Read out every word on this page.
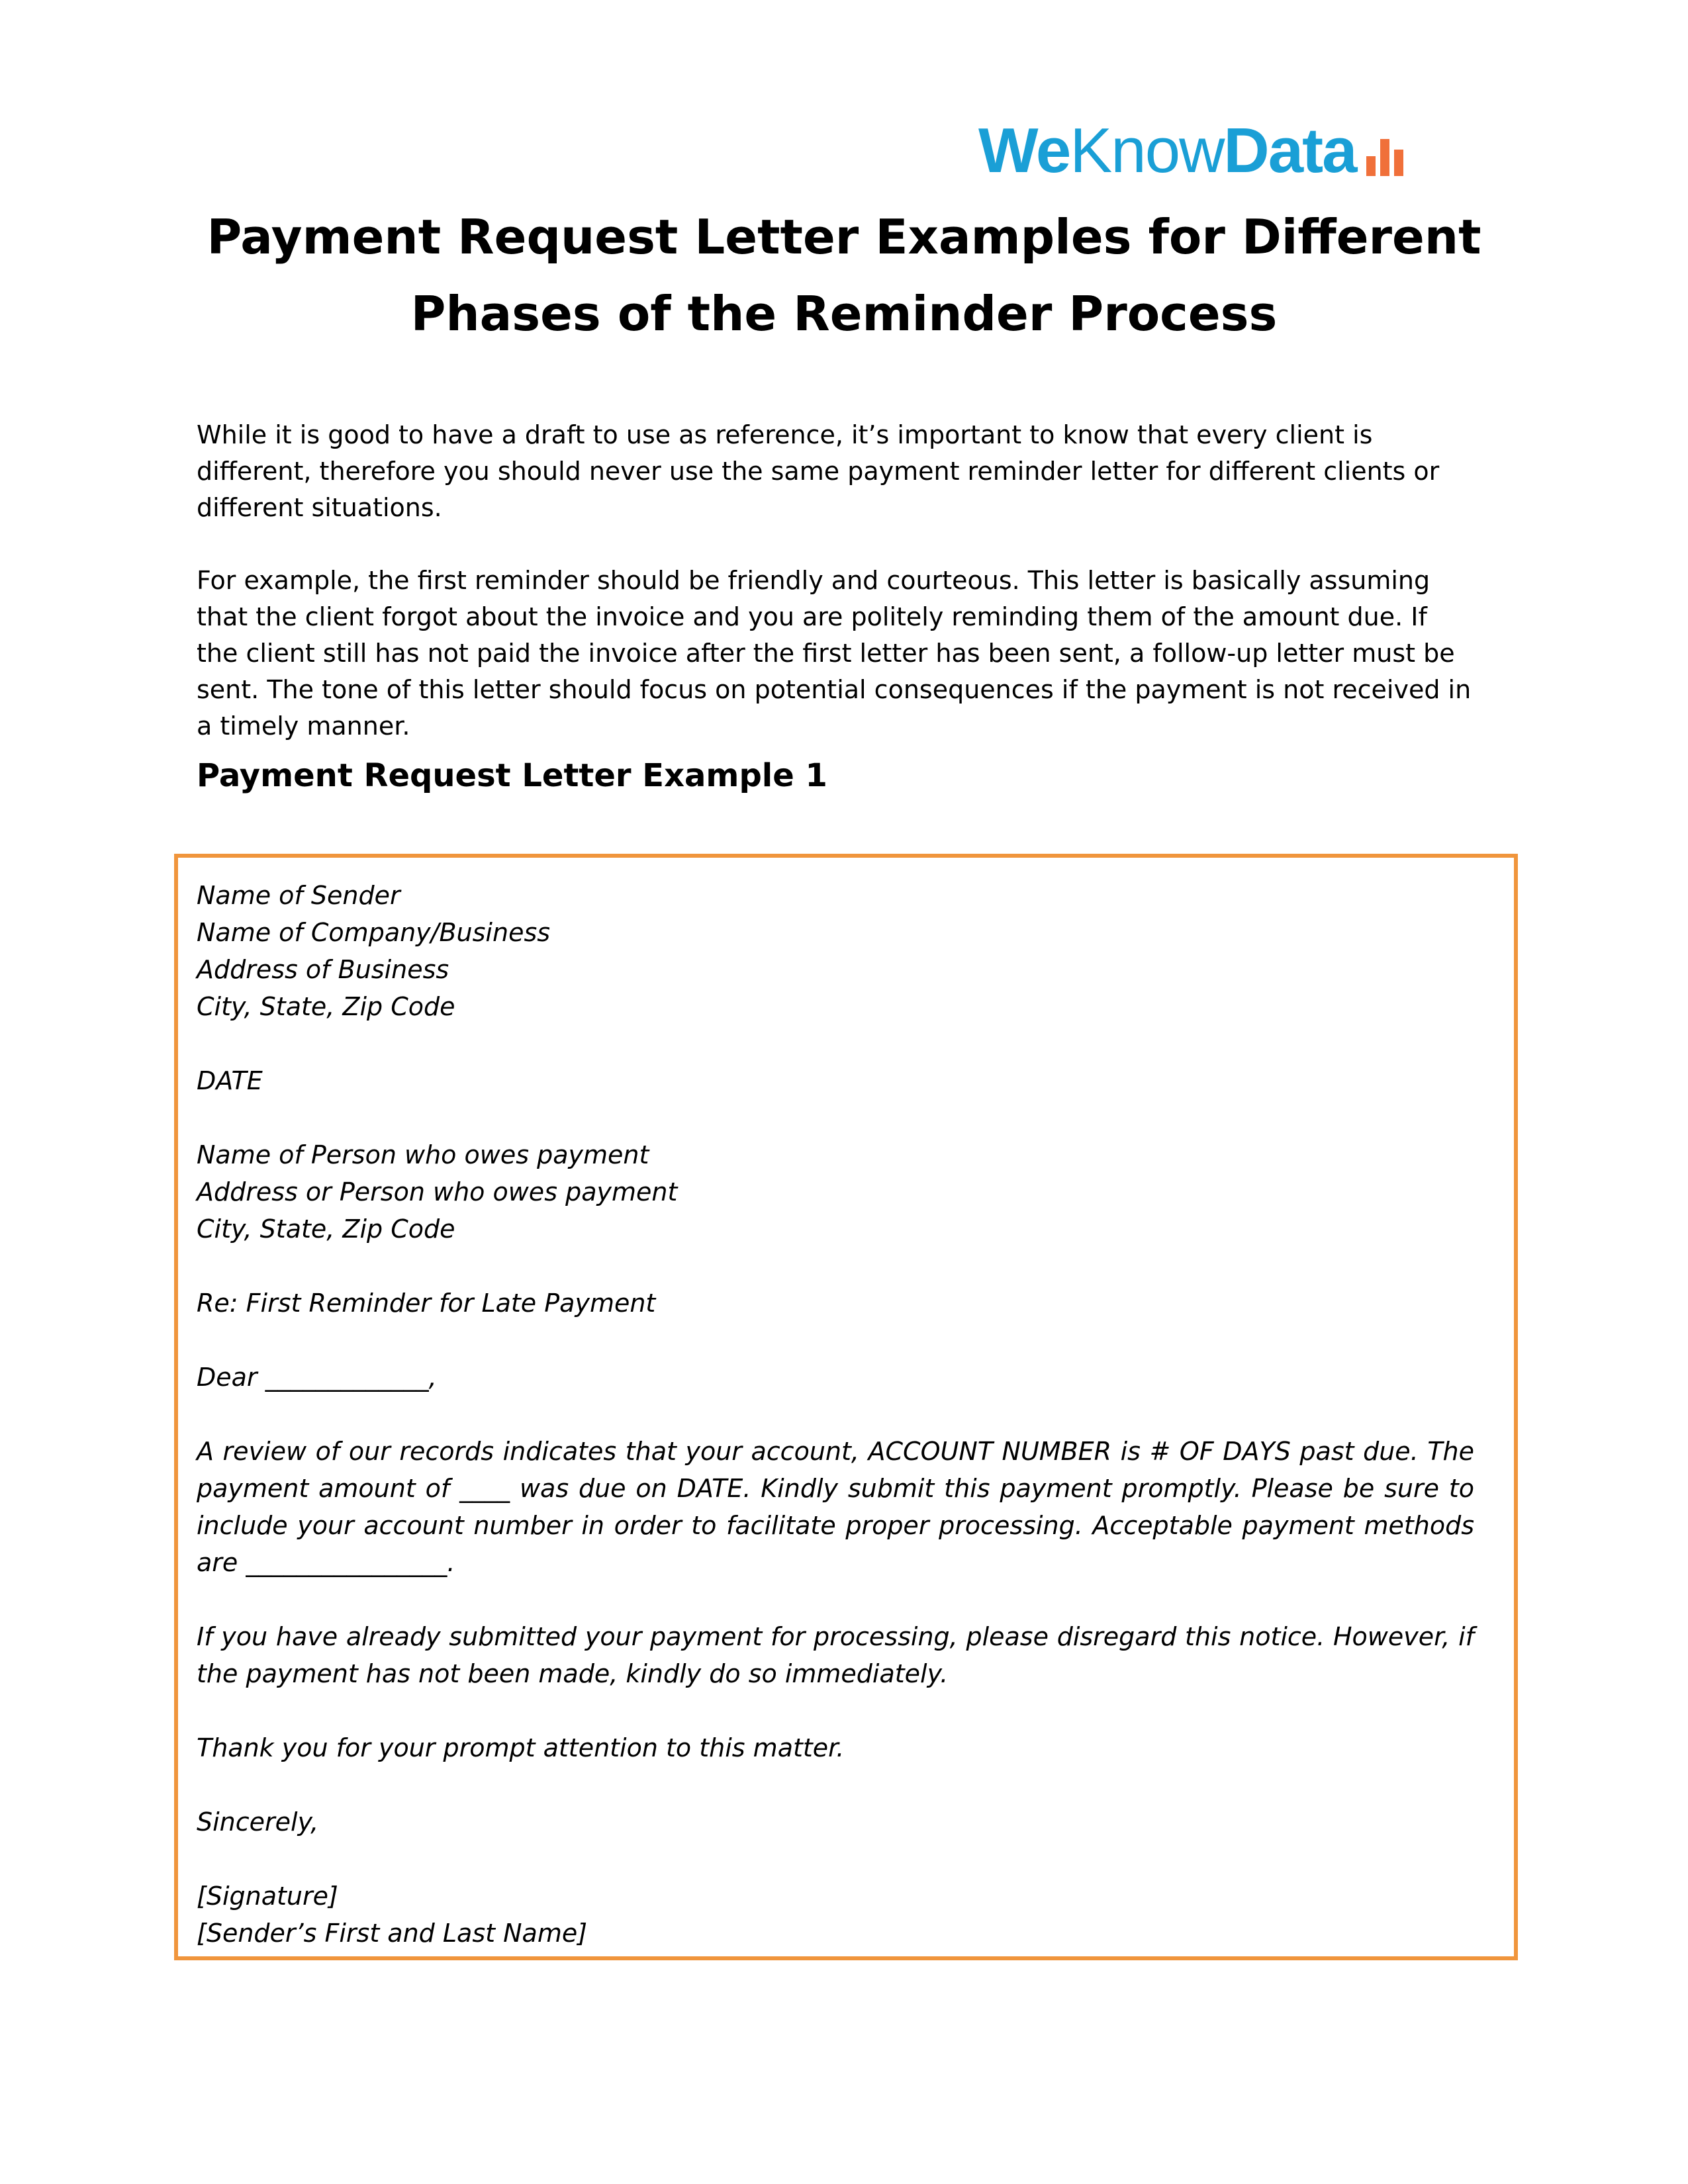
WeKnowData
Payment Request Letter Examples for Different
Phases of the Reminder Process

While it is good to have a draft to use as reference, it’s important to know that every client is different, therefore you should never use the same payment reminder letter for different clients or different situations.

For example, the first reminder should be friendly and courteous. This letter is basically assuming that the client forgot about the invoice and you are politely reminding them of the amount due. If the client still has not paid the invoice after the first letter has been sent, a follow-up letter must be sent. The tone of this letter should focus on potential consequences if the payment is not received in a timely manner.

Payment Request Letter Example 1
Name of Sender
Name of Company/Business
Address of Business
City, State, Zip Code

DATE

Name of Person who owes payment
Address or Person who owes payment
City, State, Zip Code

Re: First Reminder for Late Payment

Dear _____________,

A review of our records indicates that your account, ACCOUNT NUMBER is # OF DAYS past due. The payment amount of ____ was due on DATE. Kindly submit this payment promptly. Please be sure to include your account number in order to facilitate proper processing. Acceptable payment methods are ________________.

If you have already submitted your payment for processing, please disregard this notice. However, if the payment has not been made, kindly do so immediately.

Thank you for your prompt attention to this matter.

Sincerely,

[Signature]
[Sender’s First and Last Name]
